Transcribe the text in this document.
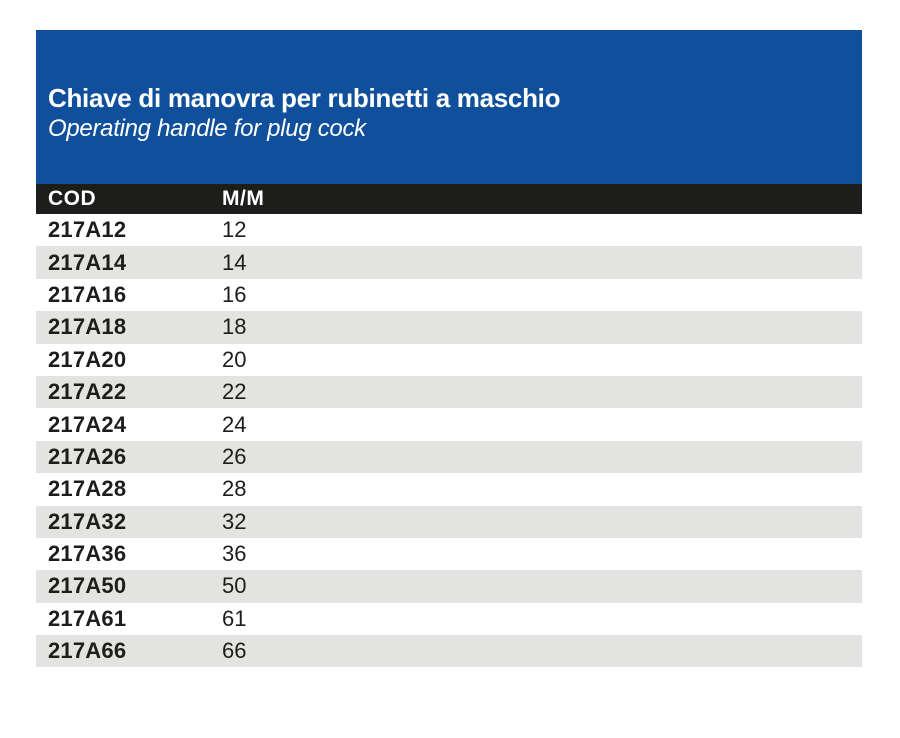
Chiave di manovra per rubinetti a maschio
Operating handle for plug cock
COD	M/M
217A12	12
217A14	14
217A16	16
217A18	18
217A20	20
217A22	22
217A24	24
217A26	26
217A28	28
217A32	32
217A36	36
217A50	50
217A61	61
217A66	66
